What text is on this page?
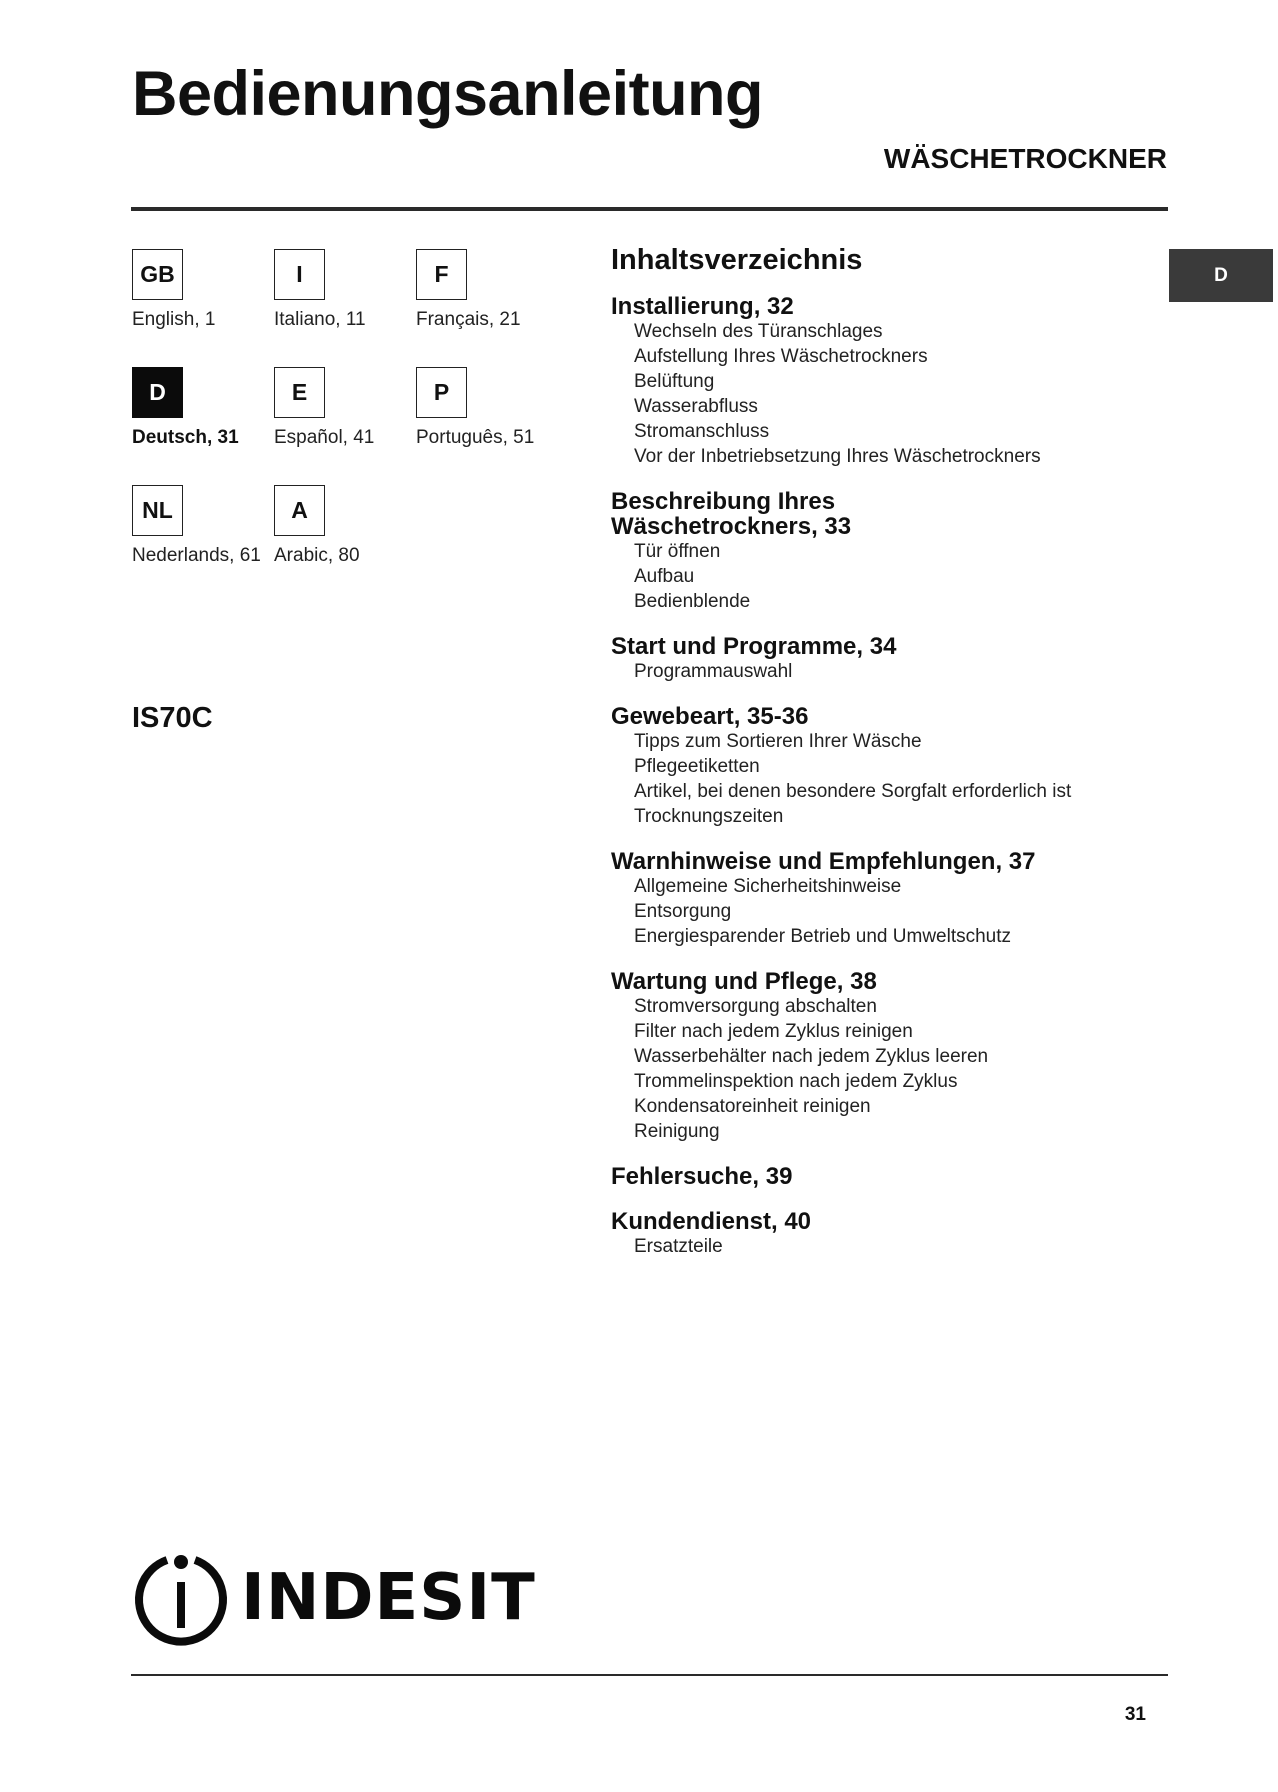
Bedienungsanleitung
WÄSCHETROCKNER
GB
English, 1
I
Italiano, 11
F
Français, 21
D
Deutsch, 31
E
Español, 41
P
Português, 51
NL
Nederlands, 61
A
Arabic, 80
IS70C
D
Inhaltsverzeichnis
Installierung, 32
Wechseln des Türanschlages
Aufstellung Ihres Wäschetrockners
Belüftung
Wasserabfluss
Stromanschluss
Vor der Inbetriebsetzung Ihres Wäschetrockners
Beschreibung Ihres
Wäschetrockners, 33
Tür öffnen
Aufbau
Bedienblende
Start und Programme, 34
Programmauswahl
Gewebeart, 35-36
Tipps zum Sortieren Ihrer Wäsche
Pflegeetiketten
Artikel, bei denen besondere Sorgfalt erforderlich ist
Trocknungszeiten
Warnhinweise und Empfehlungen, 37
Allgemeine Sicherheitshinweise
Entsorgung
Energiesparender Betrieb und Umweltschutz
Wartung und Pflege, 38
Stromversorgung abschalten
Filter nach jedem Zyklus reinigen
Wasserbehälter nach jedem Zyklus leeren
Trommelinspektion nach jedem Zyklus
Kondensatoreinheit reinigen
Reinigung
Fehlersuche, 39
Kundendienst, 40
Ersatzteile
INDESIT
31
